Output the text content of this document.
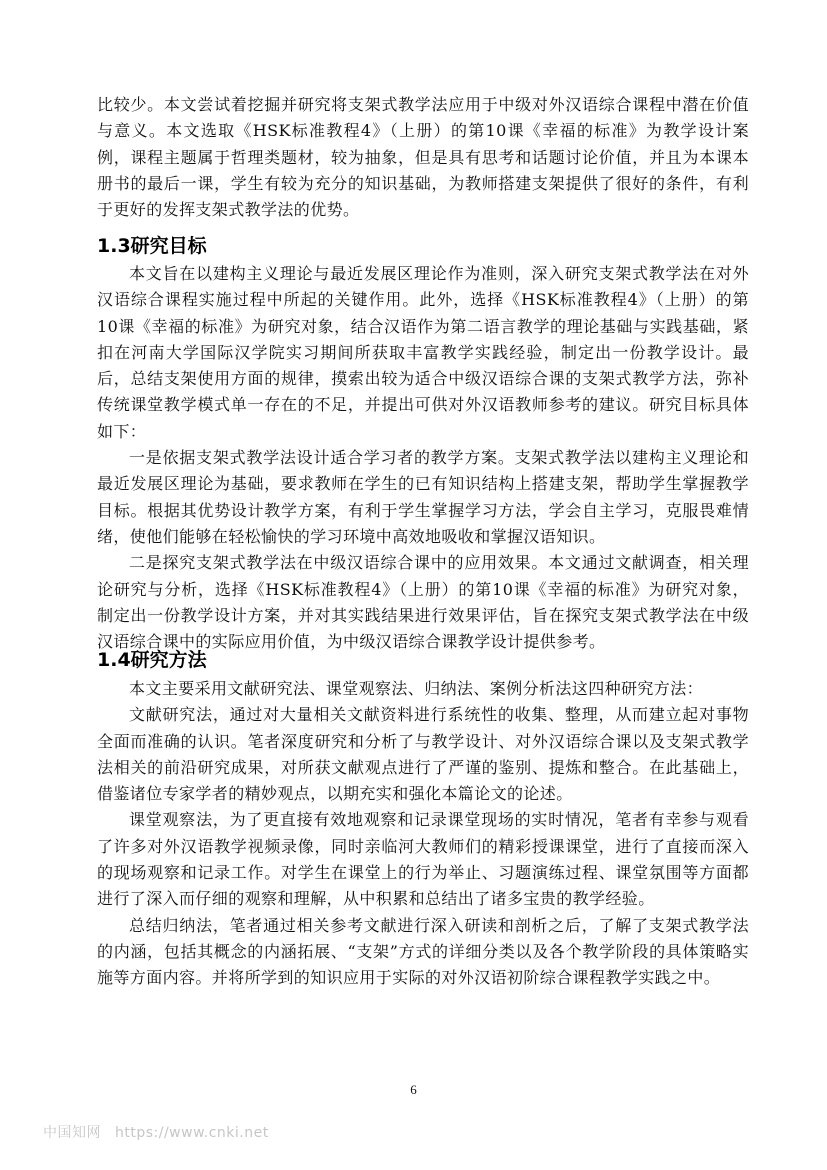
比较少。本文尝试着挖掘并研究将支架式教学法应用于中级对外汉语综合课程中潜在价值与意义。本文选取《HSK标准教程4》（上册）的第10课《幸福的标准》为教学设计案例，课程主题属于哲理类题材，较为抽象，但是具有思考和话题讨论价值，并且为本课本册书的最后一课，学生有较为充分的知识基础，为教师搭建支架提供了很好的条件，有利于更好的发挥支架式教学法的优势。

1.3研究目标

本文旨在以建构主义理论与最近发展区理论作为准则，深入研究支架式教学法在对外汉语综合课程实施过程中所起的关键作用。此外，选择《HSK标准教程4》（上册）的第10课《幸福的标准》为研究对象，结合汉语作为第二语言教学的理论基础与实践基础，紧扣在河南大学国际汉学院实习期间所获取丰富教学实践经验，制定出一份教学设计。最后，总结支架使用方面的规律，摸索出较为适合中级汉语综合课的支架式教学方法，弥补传统课堂教学模式单一存在的不足，并提出可供对外汉语教师参考的建议。研究目标具体如下：

一是依据支架式教学法设计适合学习者的教学方案。支架式教学法以建构主义理论和最近发展区理论为基础，要求教师在学生的已有知识结构上搭建支架，帮助学生掌握教学目标。根据其优势设计教学方案，有利于学生掌握学习方法，学会自主学习，克服畏难情绪，使他们能够在轻松愉快的学习环境中高效地吸收和掌握汉语知识。

二是探究支架式教学法在中级汉语综合课中的应用效果。本文通过文献调查，相关理论研究与分析，选择《HSK标准教程4》（上册）的第10课《幸福的标准》为研究对象，制定出一份教学设计方案，并对其实践结果进行效果评估，旨在探究支架式教学法在中级汉语综合课中的实际应用价值，为中级汉语综合课教学设计提供参考。

1.4研究方法

本文主要采用文献研究法、课堂观察法、归纳法、案例分析法这四种研究方法：

文献研究法，通过对大量相关文献资料进行系统性的收集、整理，从而建立起对事物全面而准确的认识。笔者深度研究和分析了与教学设计、对外汉语综合课以及支架式教学法相关的前沿研究成果，对所获文献观点进行了严谨的鉴别、提炼和整合。在此基础上，借鉴诸位专家学者的精妙观点，以期充实和强化本篇论文的论述。

课堂观察法，为了更直接有效地观察和记录课堂现场的实时情况，笔者有幸参与观看了许多对外汉语教学视频录像，同时亲临河大教师们的精彩授课课堂，进行了直接而深入的现场观察和记录工作。对学生在课堂上的行为举止、习题演练过程、课堂氛围等方面都进行了深入而仔细的观察和理解，从中积累和总结出了诸多宝贵的教学经验。

总结归纳法，笔者通过相关参考文献进行深入研读和剖析之后，了解了支架式教学法的内涵，包括其概念的内涵拓展、“支架”方式的详细分类以及各个教学阶段的具体策略实施等方面内容。并将所学到的知识应用于实际的对外汉语初阶综合课程教学实践之中。

6
中国知网 https://www.cnki.net
